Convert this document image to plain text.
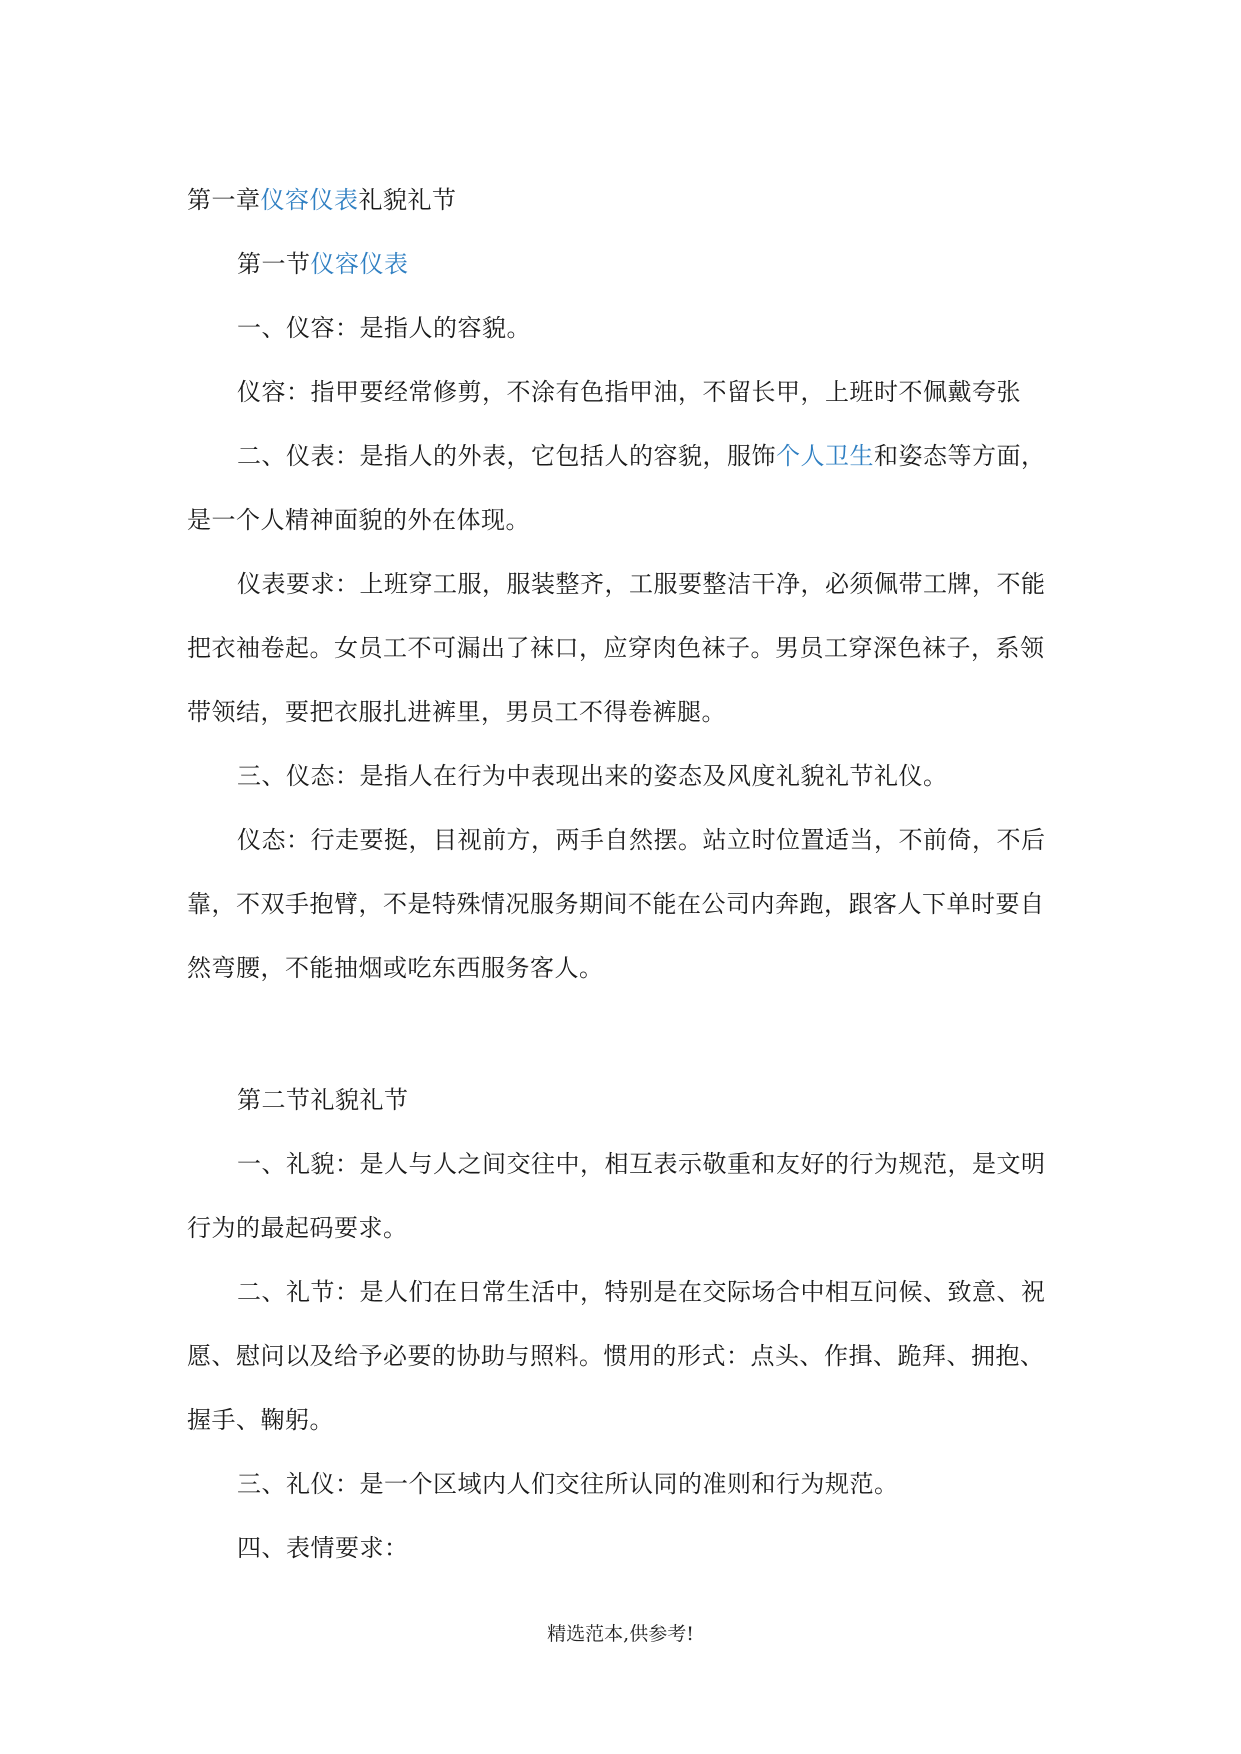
第一章仪容仪表礼貌礼节
第一节仪容仪表
一、仪容：是指人的容貌。
仪容：指甲要经常修剪，不涂有色指甲油，不留长甲，上班时不佩戴夸张
二、仪表：是指人的外表，它包括人的容貌，服饰个人卫生和姿态等方面，
是一个人精神面貌的外在体现。
仪表要求：上班穿工服，服装整齐，工服要整洁干净，必须佩带工牌，不能
把衣袖卷起。女员工不可漏出了袜口，应穿肉色袜子。男员工穿深色袜子，系领
带领结，要把衣服扎进裤里，男员工不得卷裤腿。
三、仪态：是指人在行为中表现出来的姿态及风度礼貌礼节礼仪。
仪态：行走要挺，目视前方，两手自然摆。站立时位置适当，不前倚，不后
靠，不双手抱臂，不是特殊情况服务期间不能在公司内奔跑，跟客人下单时要自
然弯腰，不能抽烟或吃东西服务客人。
第二节礼貌礼节
一、礼貌：是人与人之间交往中，相互表示敬重和友好的行为规范，是文明
行为的最起码要求。
二、礼节：是人们在日常生活中，特别是在交际场合中相互问候、致意、祝
愿、慰问以及给予必要的协助与照料。惯用的形式：点头、作揖、跪拜、拥抱、
握手、鞠躬。
三、礼仪：是一个区域内人们交往所认同的准则和行为规范。
四、表情要求：
精选范本,供参考!
